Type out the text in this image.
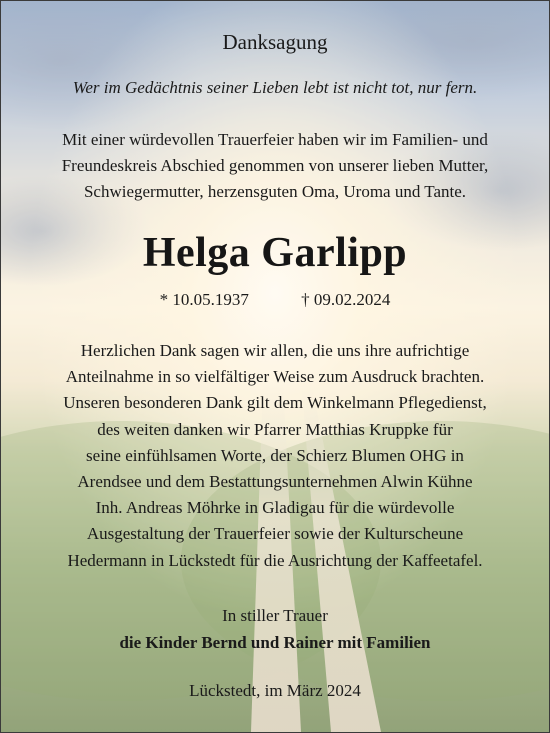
Danksagung
Wer im Gedächtnis seiner Lieben lebt ist nicht tot, nur fern.
Mit einer würdevollen Trauerfeier haben wir im Familien- und
Freundeskreis Abschied genommen von unserer lieben Mutter,
Schwiegermutter, herzensguten Oma, Uroma und Tante.
Helga Garlipp
* 10.05.1937	† 09.02.2024
Herzlichen Dank sagen wir allen, die uns ihre aufrichtige
Anteilnahme in so vielfältiger Weise zum Ausdruck brachten.
Unseren besonderen Dank gilt dem Winkelmann Pflegedienst,
des weiten danken wir Pfarrer Matthias Kruppke für
seine einfühlsamen Worte, der Schierz Blumen OHG in
Arendsee und dem Bestattungsunternehmen Alwin Kühne
Inh. Andreas Möhrke in Gladigau für die würdevolle
Ausgestaltung der Trauerfeier sowie der Kulturscheune
Hedermann in Lückstedt für die Ausrichtung der Kaffeetafel.
In stiller Trauer
die Kinder Bernd und Rainer mit Familien
Lückstedt, im März 2024
